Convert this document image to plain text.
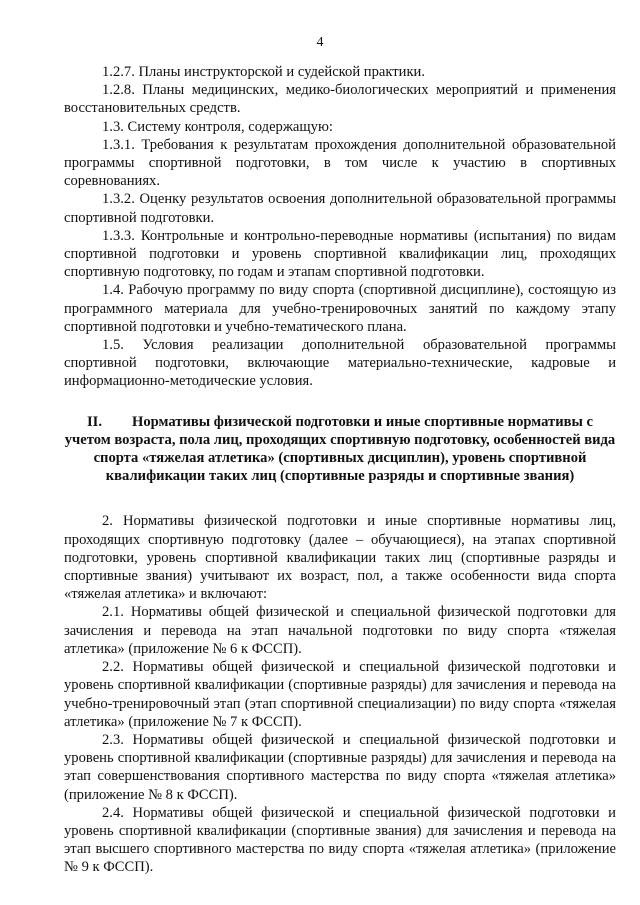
4

1.2.7. Планы инструкторской и судейской практики.

1.2.8. Планы медицинских, медико-биологических мероприятий и применения восстановительных средств.

1.3. Систему контроля, содержащую:

1.3.1. Требования к результатам прохождения дополнительной образовательной программы спортивной подготовки, в том числе к участию в спортивных соревнованиях.

1.3.2. Оценку результатов освоения дополнительной образовательной программы спортивной подготовки.

1.3.3. Контрольные и контрольно-переводные нормативы (испытания) по видам спортивной подготовки и уровень спортивной квалификации лиц, проходящих спортивную подготовку, по годам и этапам спортивной подготовки.

1.4. Рабочую программу по виду спорта (спортивной дисциплине), состоящую из программного материала для учебно-тренировочных занятий по каждому этапу спортивной подготовки и учебно-тематического плана.

1.5. Условия реализации дополнительной образовательной программы спортивной подготовки, включающие материально-технические, кадровые и информационно-методические условия.

II. Нормативы физической подготовки и иные спортивные нормативы с учетом возраста, пола лиц, проходящих спортивную подготовку, особенностей вида спорта «тяжелая атлетика» (спортивных дисциплин), уровень спортивной квалификации таких лиц (спортивные разряды и спортивные звания)

2. Нормативы физической подготовки и иные спортивные нормативы лиц, проходящих спортивную подготовку (далее – обучающиеся), на этапах спортивной подготовки, уровень спортивной квалификации таких лиц (спортивные разряды и спортивные звания) учитывают их возраст, пол, а также особенности вида спорта «тяжелая атлетика» и включают:

2.1. Нормативы общей физической и специальной физической подготовки для зачисления и перевода на этап начальной подготовки по виду спорта «тяжелая атлетика» (приложение № 6 к ФССП).

2.2. Нормативы общей физической и специальной физической подготовки и уровень спортивной квалификации (спортивные разряды) для зачисления и перевода на учебно-тренировочный этап (этап спортивной специализации) по виду спорта «тяжелая атлетика» (приложение № 7 к ФССП).

2.3. Нормативы общей физической и специальной физической подготовки и уровень спортивной квалификации (спортивные разряды) для зачисления и перевода на этап совершенствования спортивного мастерства по виду спорта «тяжелая атлетика» (приложение № 8 к ФССП).

2.4. Нормативы общей физической и специальной физической подготовки и уровень спортивной квалификации (спортивные звания) для зачисления и перевода на этап высшего спортивного мастерства по виду спорта «тяжелая атлетика» (приложение № 9 к ФССП).
